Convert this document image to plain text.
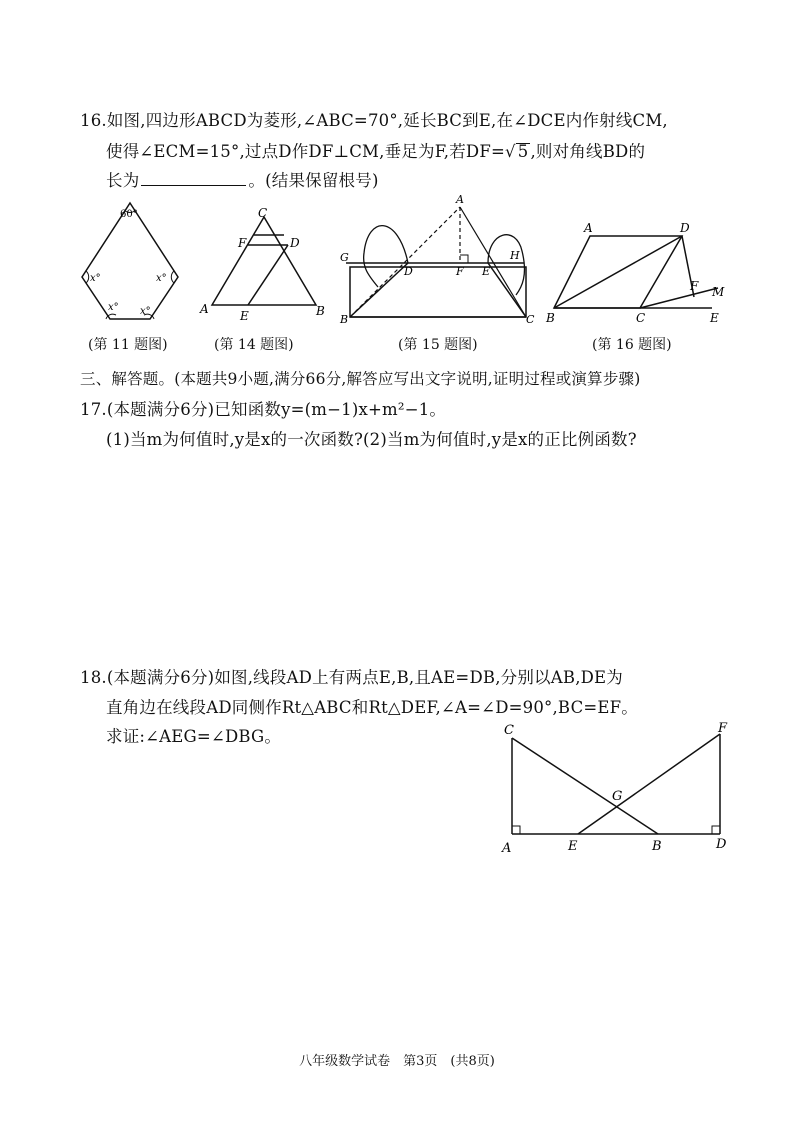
16.如图,四边形ABCD为菱形,∠ABC=70°,延长BC到E,在∠DCE内作射线CM,
使得∠ECM=15°,过点D作DF⊥CM,垂足为F,若DF=√ 5 ,则对角线BD的
长为	。(结果保留根号)
60°
x°	x°
x° x°
(第 11 题图)
C
F	D
A	E	B
(第 14 题图)
A
G
D	F E
H
B	C
(第 15 题图)
A	D
F M
B	C	E
(第 16 题图)
三、解答题。(本题共9小题,满分66分,解答应写出文字说明,证明过程或演算步骤)
17.(本题满分6分)已知函数y=(m−1)x+m²−1。
(1)当m为何值时,y是x的一次函数?(2)当m为何值时,y是x的正比例函数?
18.(本题满分6分)如图,线段AD上有两点E,B,且AE=DB,分别以AB,DE为
直角边在线段AD同侧作Rt△ABC和Rt△DEF,∠A=∠D=90°,BC=EF。
求证:∠AEG=∠DBG。	C	F
G
A	E	B	D
八年级数学试卷　第3页　(共8页)
